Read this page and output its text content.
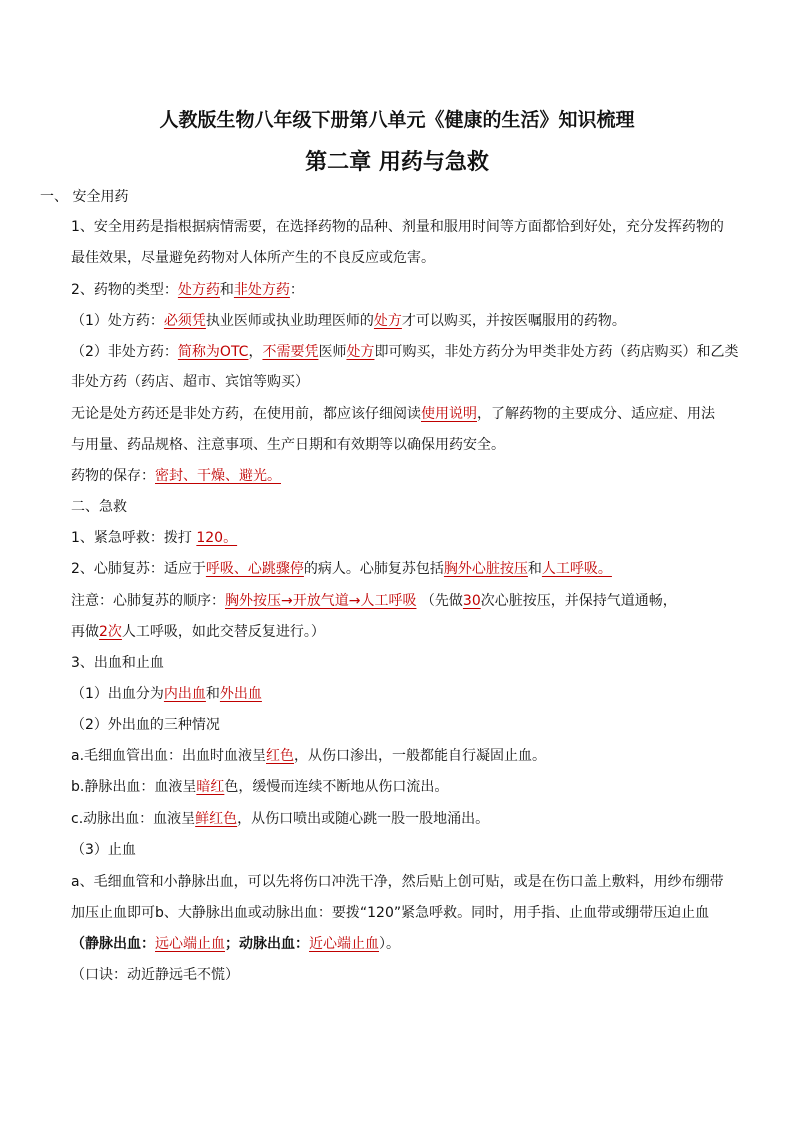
人教版生物八年级下册第八单元《健康的生活》知识梳理
第二章 用药与急救
一、 安全用药
1、安全用药是指根据病情需要，在选择药物的品种、剂量和服用时间等方面都恰到好处，充分发挥药物的
最佳效果，尽量避免药物对人体所产生的不良反应或危害。
2、药物的类型：处方药和非处方药：
（1）处方药：必须凭执业医师或执业助理医师的处方才可以购买，并按医嘱服用的药物。
（2）非处方药：简称为OTC，不需要凭医师处方即可购买，非处方药分为甲类非处方药（药店购买）和乙类
非处方药（药店、超市、宾馆等购买）
无论是处方药还是非处方药，在使用前，都应该仔细阅读使用说明，了解药物的主要成分、适应症、用法
与用量、药品规格、注意事项、生产日期和有效期等以确保用药安全。
药物的保存：密封、干燥、避光。
二、急救
1、紧急呼救：拨打 120。
2、心肺复苏：适应于呼吸、心跳骤停的病人。心肺复苏包括胸外心脏按压和人工呼吸。
注意：心肺复苏的顺序：胸外按压→开放气道→人工呼吸 （先做30次心脏按压，并保持气道通畅，
再做2次人工呼吸，如此交替反复进行。）
3、出血和止血
（1）出血分为内出血和外出血
（2）外出血的三种情况
a.毛细血管出血：出血时血液呈红色，从伤口渗出，一般都能自行凝固止血。
b.静脉出血：血液呈暗红色，缓慢而连续不断地从伤口流出。
c.动脉出血：血液呈鲜红色，从伤口喷出或随心跳一股一股地涌出。
（3）止血
a、毛细血管和小静脉出血，可以先将伤口冲洗干净，然后贴上创可贴，或是在伤口盖上敷料，用纱布绷带
加压止血即可b、大静脉出血或动脉出血：要拨“120”紧急呼救。同时，用手指、止血带或绷带压迫止血
（静脉出血：远心端止血；动脉出血：近心端止血）。
（口诀：动近静远毛不慌）
